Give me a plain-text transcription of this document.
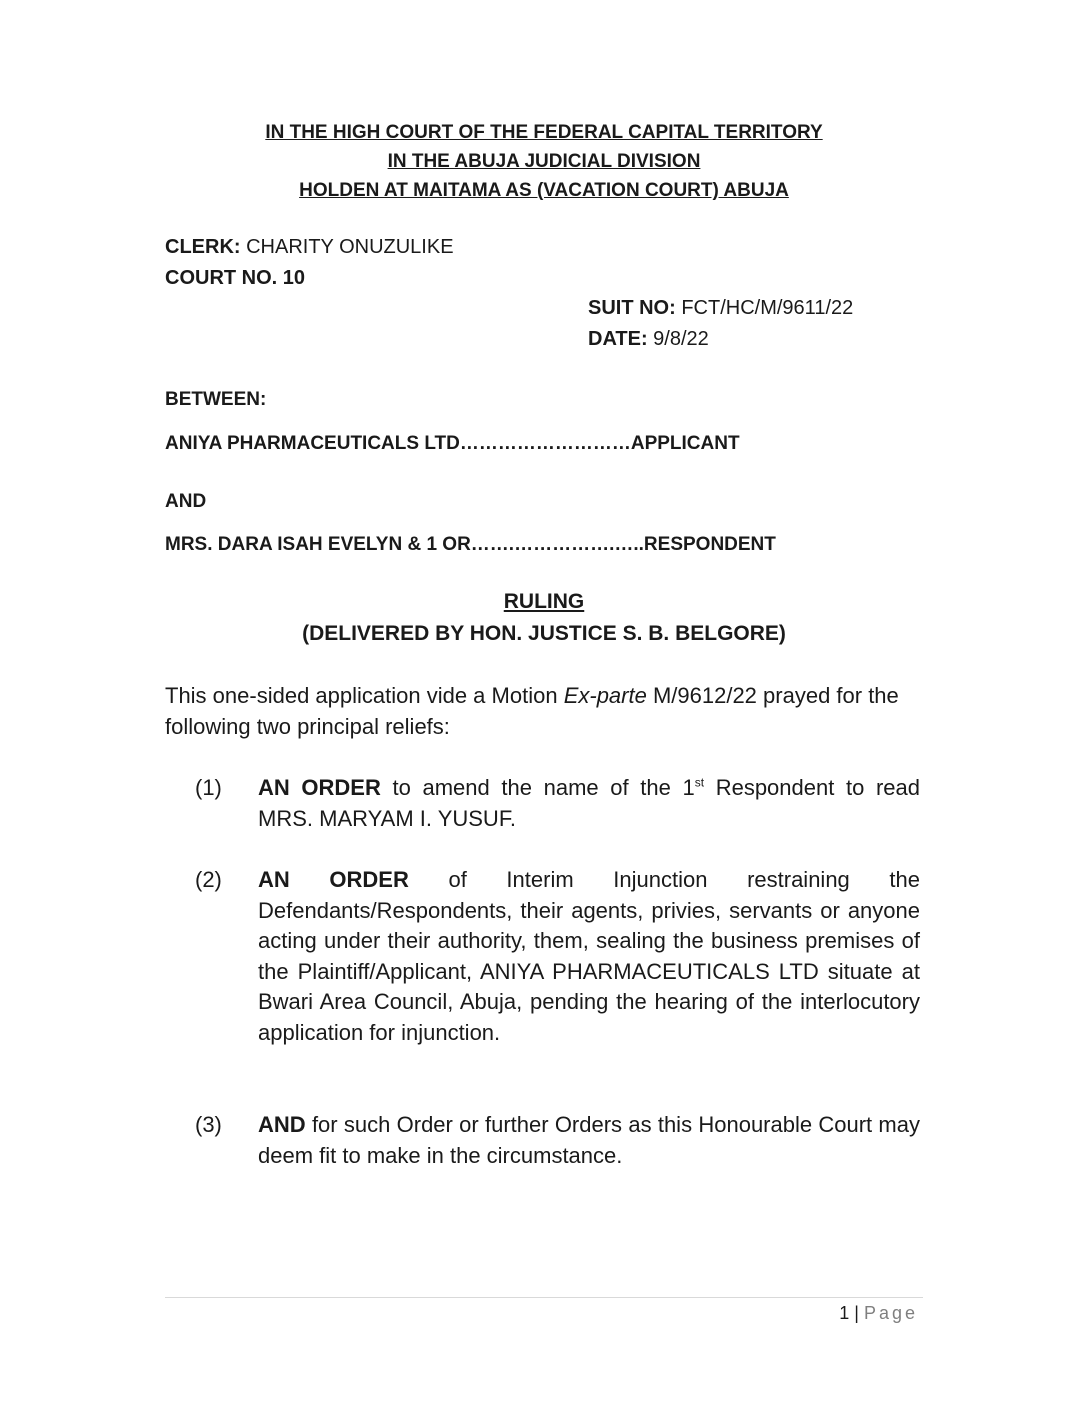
IN THE HIGH COURT OF THE FEDERAL CAPITAL TERRITORY
IN THE ABUJA JUDICIAL DIVISION
HOLDEN AT MAITAMA AS (VACATION COURT) ABUJA
CLERK: CHARITY ONUZULIKE
COURT NO. 10
SUIT NO: FCT/HC/M/9611/22
DATE: 9/8/22
BETWEEN:
ANIYA PHARMACEUTICALS LTD………………………APPLICANT
AND
MRS. DARA ISAH EVELYN & 1 OR…….…………….…..RESPONDENT
RULING
(DELIVERED BY HON. JUSTICE S. B. BELGORE)
This one-sided application vide a Motion Ex-parte M/9612/22 prayed for the following two principal reliefs:
(1) AN ORDER to amend the name of the 1st Respondent to read MRS. MARYAM I. YUSUF.
(2) AN ORDER of Interim Injunction restraining the Defendants/Respondents, their agents, privies, servants or anyone acting under their authority, them, sealing the business premises of the Plaintiff/Applicant, ANIYA PHARMACEUTICALS LTD situate at Bwari Area Council, Abuja, pending the hearing of the interlocutory application for injunction.
(3) AND for such Order or further Orders as this Honourable Court may deem fit to make in the circumstance.
1 | Page
